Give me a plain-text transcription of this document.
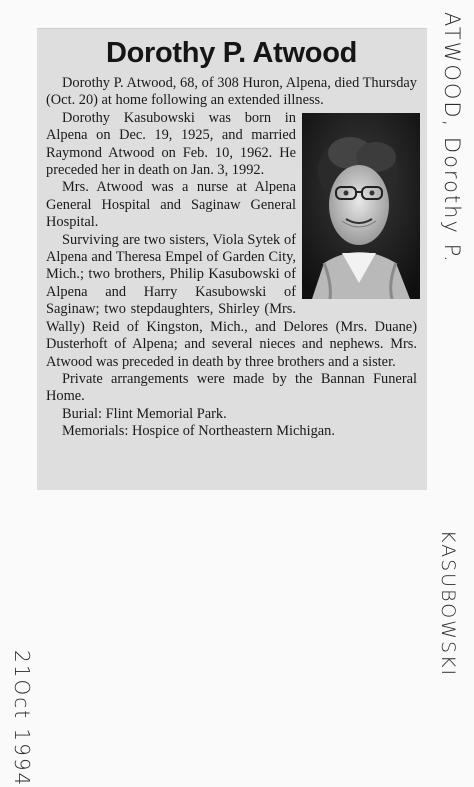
Dorothy P. Atwood

Dorothy P. Atwood, 68, of 308 Huron, Alpena, died Thursday (Oct. 20) at home following an extended illness.

Dorothy Kasubowski was born in Alpena on Dec. 19, 1925, and married Raymond Atwood on Feb. 10, 1962. He preceded her in death on Jan. 3, 1992.

Mrs. Atwood was a nurse at Alpena General Hospital and Saginaw General Hospital.

Surviving are two sisters, Viola Sytek of Alpena and Theresa Empel of Garden City, Mich.; two brothers, Philip Kasubowski of Alpena and Harry Kasubowski of Saginaw; two stepdaughters, Shirley (Mrs. Wally) Reid of Kingston, Mich., and Delores (Mrs. Duane) Dusterhoft of Alpena; and several nieces and nephews. Mrs. Atwood was preceded in death by three brothers and a sister.

Private arrangements were made by the Bannan Funeral Home.

Burial: Flint Memorial Park.

Memorials: Hospice of Northeastern Michigan.

ATWOOD, Dorothy P.
KASUBOWSKI
21Oct 1994
